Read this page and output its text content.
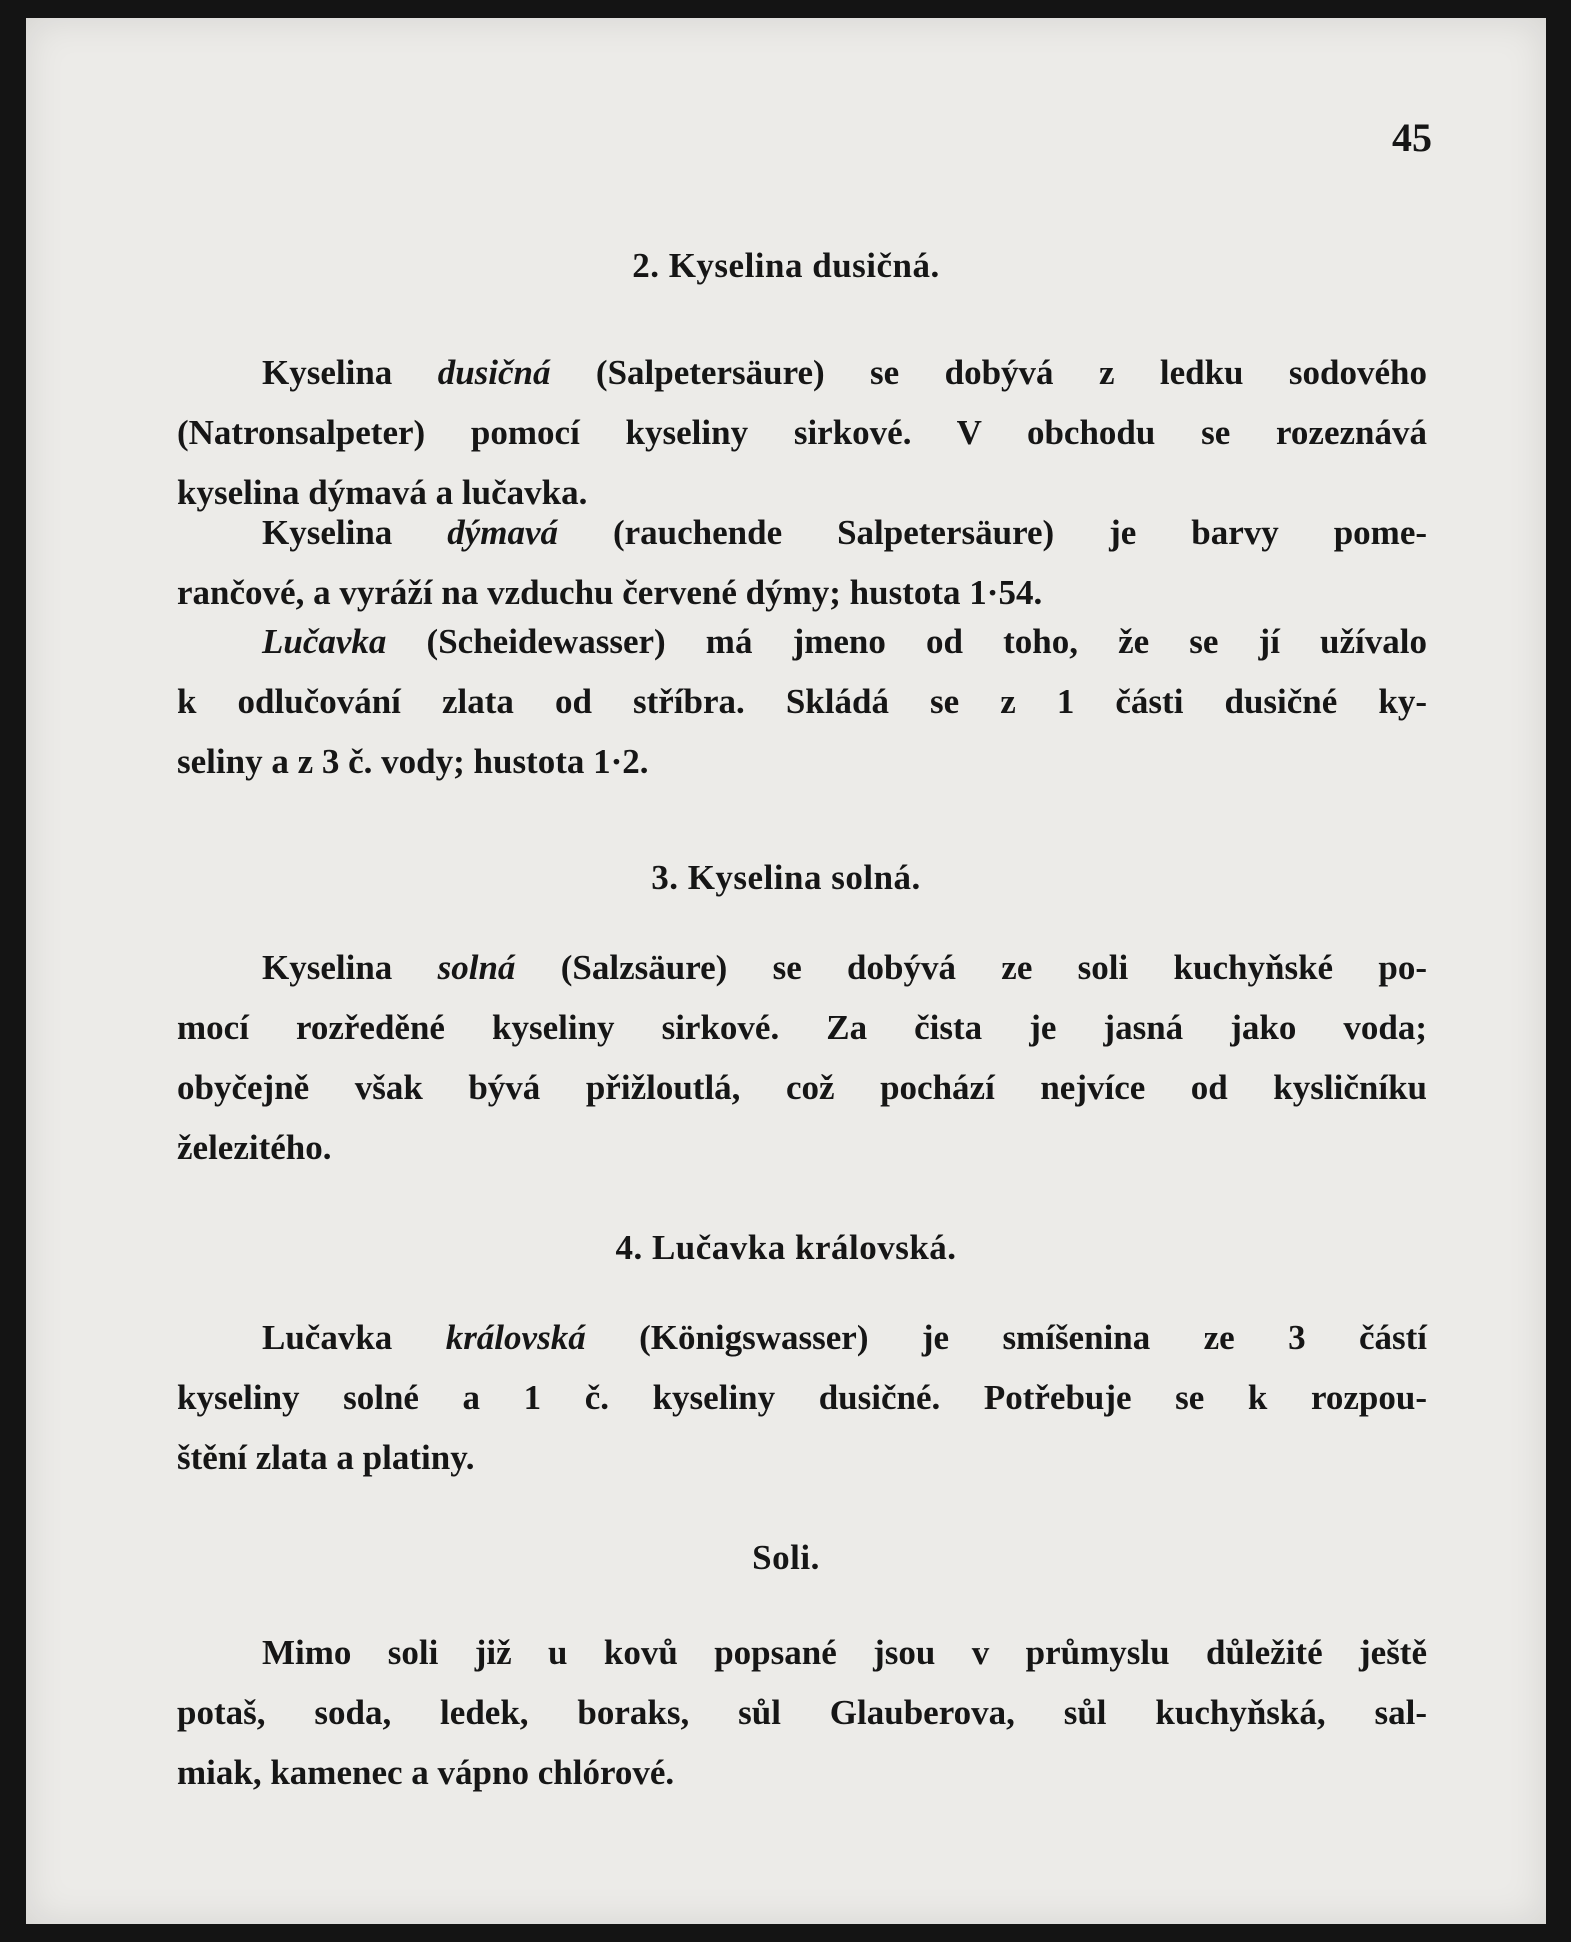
45
2. Kyselina dusičná.
Kyselina dusičná (Salpetersäure) se dobývá z ledku sodového
(Natronsalpeter) pomocí kyseliny sirkové. V obchodu se rozeznává
kyselina dýmavá a lučavka.
Kyselina dýmavá (rauchende Salpetersäure) je barvy pome-
rančové, a vyráží na vzduchu červené dýmy; hustota 1·54.
Lučavka (Scheidewasser) má jmeno od toho, že se jí užívalo
k odlučování zlata od stříbra. Skládá se z 1 části dusičné ky-
seliny a z 3 č. vody; hustota 1·2.
3. Kyselina solná.
Kyselina solná (Salzsäure) se dobývá ze soli kuchyňské po-
mocí rozředěné kyseliny sirkové. Za čista je jasná jako voda;
obyčejně však bývá přižloutlá, což pochází nejvíce od kysličníku
železitého.
4. Lučavka královská.
Lučavka královská (Königswasser) je smíšenina ze 3 částí
kyseliny solné a 1 č. kyseliny dusičné. Potřebuje se k rozpou-
štění zlata a platiny.
Soli.
Mimo soli již u kovů popsané jsou v průmyslu důležité ještě
potaš, soda, ledek, boraks, sůl Glauberova, sůl kuchyňská, sal-
miak, kamenec a vápno chlórové.
